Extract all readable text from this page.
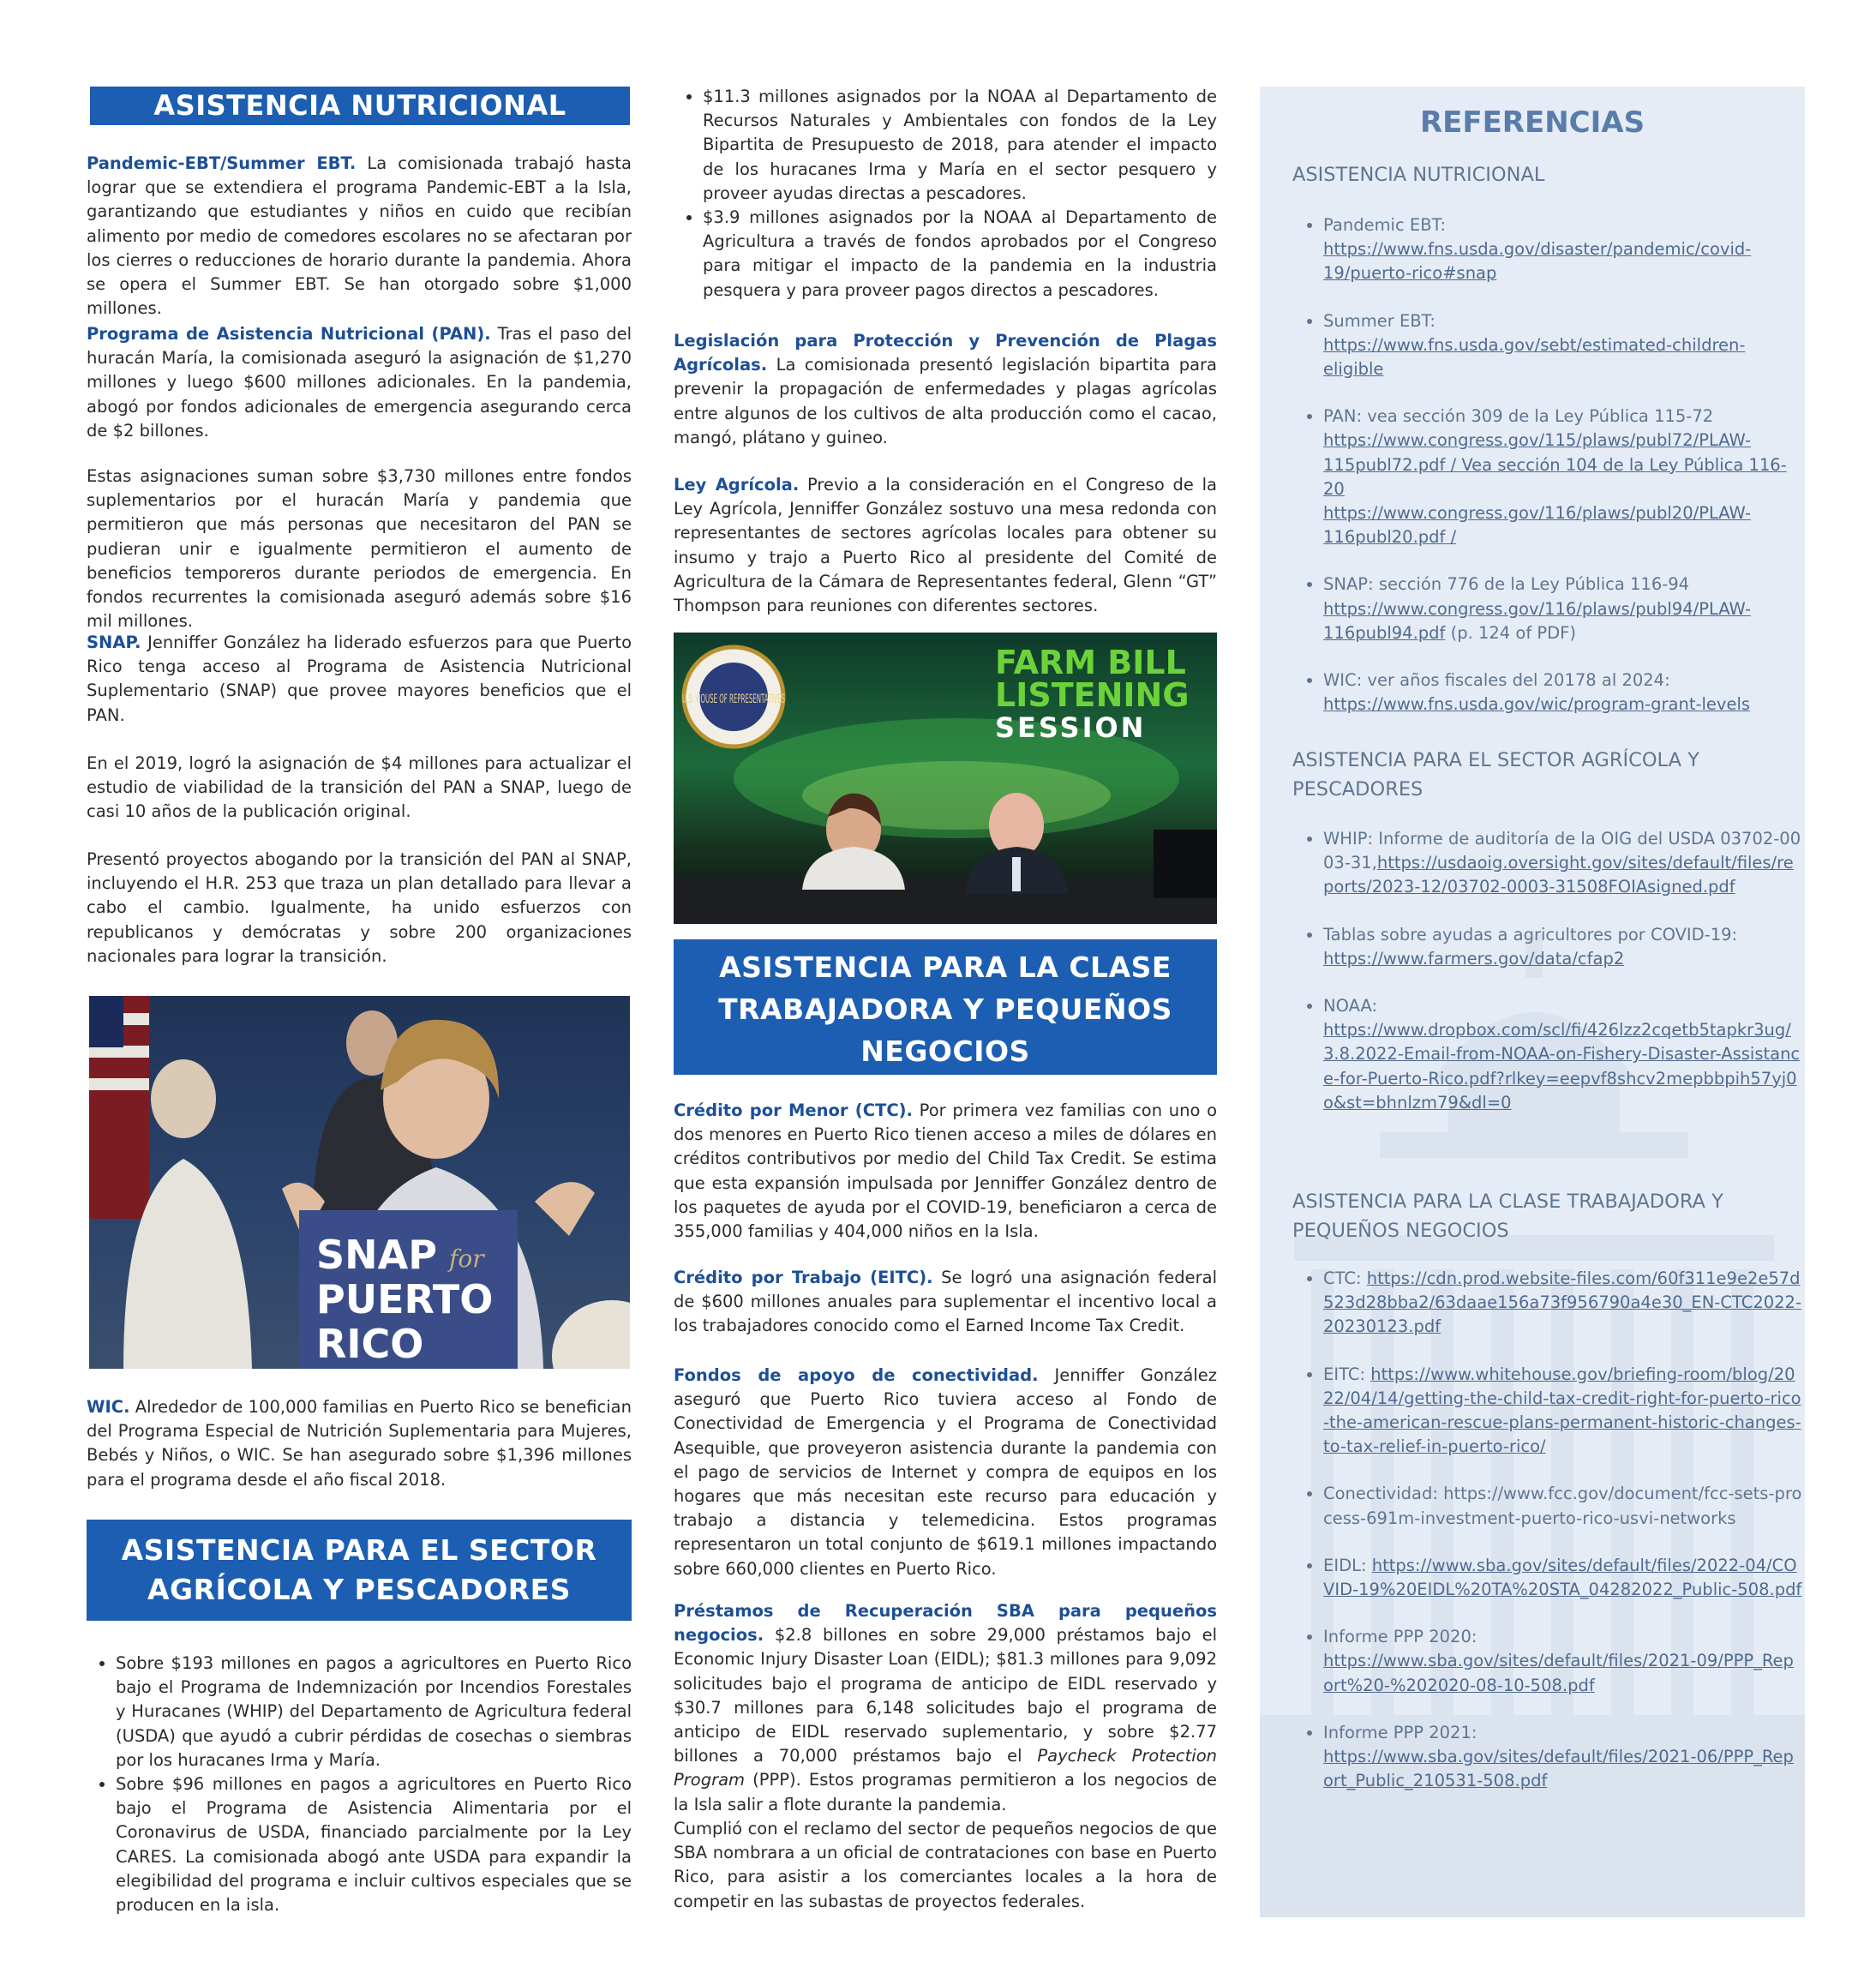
ASISTENCIA NUTRICIONAL

Pandemic-EBT/Summer EBT. La comisionada trabajó hasta lograr que se extendiera el programa Pandemic-EBT a la Isla, garantizando que estudiantes y niños en cuido que recibían alimento por medio de comedores escolares no se afectaran por los cierres o reducciones de horario durante la pandemia. Ahora se opera el Summer EBT. Se han otorgado sobre $1,000 millones.

Programa de Asistencia Nutricional (PAN). Tras el paso del huracán María, la comisionada aseguró la asignación de $1,270 millones y luego $600 millones adicionales. En la pandemia, abogó por fondos adicionales de emergencia asegurando cerca de $2 billones.

Estas asignaciones suman sobre $3,730 millones entre fondos suplementarios por el huracán María y pandemia que permitieron que más personas que necesitaron del PAN se pudieran unir e igualmente permitieron el aumento de beneficios temporeros durante periodos de emergencia. En fondos recurrentes la comisionada aseguró además sobre $16 mil millones.

SNAP. Jenniffer González ha liderado esfuerzos para que Puerto Rico tenga acceso al Programa de Asistencia Nutricional Suplementario (SNAP) que provee mayores beneficios que el PAN.

En el 2019, logró la asignación de $4 millones para actualizar el estudio de viabilidad de la transición del PAN a SNAP, luego de casi 10 años de la publicación original.

Presentó proyectos abogando por la transición del PAN al SNAP, incluyendo el H.R. 253 que traza un plan detallado para llevar a cabo el cambio. Igualmente, ha unido esfuerzos con republicanos y demócratas y sobre 200 organizaciones nacionales para lograr la transición.

SNAP for
PUERTO
RICO

WIC. Alrededor de 100,000 familias en Puerto Rico se benefician del Programa Especial de Nutrición Suplementaria para Mujeres, Bebés y Niños, o WIC. Se han asegurado sobre $1,396 millones para el programa desde el año fiscal 2018.

ASISTENCIA PARA EL SECTOR
AGRÍCOLA Y PESCADORES
• Sobre $193 millones en pagos a agricultores en Puerto Rico bajo el Programa de Indemnización por Incendios Forestales y Huracanes (WHIP) del Departamento de Agricultura federal (USDA) que ayudó a cubrir pérdidas de cosechas o siembras por los huracanes Irma y María.
• Sobre $96 millones en pagos a agricultores en Puerto Rico bajo el Programa de Asistencia Alimentaria por el Coronavirus de USDA, financiado parcialmente por la Ley CARES. La comisionada abogó ante USDA para expandir la elegibilidad del programa e incluir cultivos especiales que se producen en la isla.
• $11.3 millones asignados por la NOAA al Departamento de Recursos Naturales y Ambientales con fondos de la Ley Bipartita de Presupuesto de 2018, para atender el impacto de los huracanes Irma y María en el sector pesquero y proveer ayudas directas a pescadores.
• $3.9 millones asignados por la NOAA al Departamento de Agricultura a través de fondos aprobados por el Congreso para mitigar el impacto de la pandemia en la industria pesquera y para proveer pagos directos a pescadores.

Legislación para Protección y Prevención de Plagas Agrícolas. La comisionada presentó legislación bipartita para prevenir la propagación de enfermedades y plagas agrícolas entre algunos de los cultivos de alta producción como el cacao, mangó, plátano y guineo.

Ley Agrícola. Previo a la consideración en el Congreso de la Ley Agrícola, Jenniffer González sostuvo una mesa redonda con representantes de sectores agrícolas locales para obtener su insumo y trajo a Puerto Rico al presidente del Comité de Agricultura de la Cámara de Representantes federal, Glenn “GT” Thompson para reuniones con diferentes sectores.

U.S. HOUSE OF REPRESENTATIVES
FARM BILL
LISTENING
SESSION
ASISTENCIA PARA LA CLASE
TRABAJADORA Y PEQUEÑOS
NEGOCIOS

Crédito por Menor (CTC). Por primera vez familias con uno o dos menores en Puerto Rico tienen acceso a miles de dólares en créditos contributivos por medio del Child Tax Credit. Se estima que esta expansión impulsada por Jenniffer González dentro de los paquetes de ayuda por el COVID-19, beneficiaron a cerca de 355,000 familias y 404,000 niños en la Isla.

Crédito por Trabajo (EITC). Se logró una asignación federal de $600 millones anuales para suplementar el incentivo local a los trabajadores conocido como el Earned Income Tax Credit.

Fondos de apoyo de conectividad. Jenniffer González aseguró que Puerto Rico tuviera acceso al Fondo de Conectividad de Emergencia y el Programa de Conectividad Asequible, que proveyeron asistencia durante la pandemia con el pago de servicios de Internet y compra de equipos en los hogares que más necesitan este recurso para educación y trabajo a distancia y telemedicina. Estos programas representaron un total conjunto de $619.1 millones impactando sobre 660,000 clientes en Puerto Rico.

Préstamos de Recuperación SBA para pequeños negocios. $2.8 billones en sobre 29,000 préstamos bajo el Economic Injury Disaster Loan (EIDL); $81.3 millones para 9,092 solicitudes bajo el programa de anticipo de EIDL reservado y $30.7 millones para 6,148 solicitudes bajo el programa de anticipo de EIDL reservado suplementario, y sobre $2.77 billones a 70,000 préstamos bajo el Paycheck Protection Program (PPP). Estos programas permitieron a los negocios de la Isla salir a flote durante la pandemia.

Cumplió con el reclamo del sector de pequeños negocios de que SBA nombrara a un oficial de contrataciones con base en Puerto Rico, para asistir a los comerciantes locales a la hora de competir en las subastas de proyectos federales.

REFERENCIAS
ASISTENCIA NUTRICIONAL
• Pandemic EBT:
https://www.fns.usda.gov/disaster/pandemic/covid-19/puerto-rico#snap
• Summer EBT:
https://www.fns.usda.gov/sebt/estimated-children-eligible
• PAN: vea sección 309 de la Ley Pública 115-72
https://www.congress.gov/115/plaws/publ72/PLAW-115publ72.pdf / Vea sección 104 de la Ley Pública 116-20
https://www.congress.gov/116/plaws/publ20/PLAW-116publ20.pdf /
• SNAP: sección 776 de la Ley Pública 116-94
https://www.congress.gov/116/plaws/publ94/PLAW-116publ94.pdf (p. 124 of PDF)
• WIC: ver años fiscales del 20178 al 2024:
https://www.fns.usda.gov/wic/program-grant-levels
ASISTENCIA PARA EL SECTOR AGRÍCOLA Y PESCADORES
• WHIP: Informe de auditoría de la OIG del USDA 03702-0003-31,https://usdaoig.oversight.gov/sites/default/files/reports/2023-12/03702-0003-31508FOIAsigned.pdf
• Tablas sobre ayudas a agricultores por COVID-19:
https://www.farmers.gov/data/cfap2
• NOAA:
https://www.dropbox.com/scl/fi/426lzz2cqetb5tapkr3ug/3.8.2022-Email-from-NOAA-on-Fishery-Disaster-Assistance-for-Puerto-Rico.pdf?rlkey=eepvf8shcv2mepbbpih57yj0o&st=bhnlzm79&dl=0
ASISTENCIA PARA LA CLASE TRABAJADORA Y PEQUEÑOS NEGOCIOS
• CTC: https://cdn.prod.website-files.com/60f311e9e2e57d523d28bba2/63daae156a73f956790a4e30_EN-CTC2022-20230123.pdf
• EITC: https://www.whitehouse.gov/briefing-room/blog/2022/04/14/getting-the-child-tax-credit-right-for-puerto-rico-the-american-rescue-plans-permanent-historic-changes-to-tax-relief-in-puerto-rico/
• Conectividad: https://www.fcc.gov/document/fcc-sets-process-691m-investment-puerto-rico-usvi-networks
• EIDL: https://www.sba.gov/sites/default/files/2022-04/COVID-19%20EIDL%20TA%20STA_04282022_Public-508.pdf
• Informe PPP 2020:
https://www.sba.gov/sites/default/files/2021-09/PPP_Report%20-%202020-08-10-508.pdf
• Informe PPP 2021:
https://www.sba.gov/sites/default/files/2021-06/PPP_Report_Public_210531-508.pdf
